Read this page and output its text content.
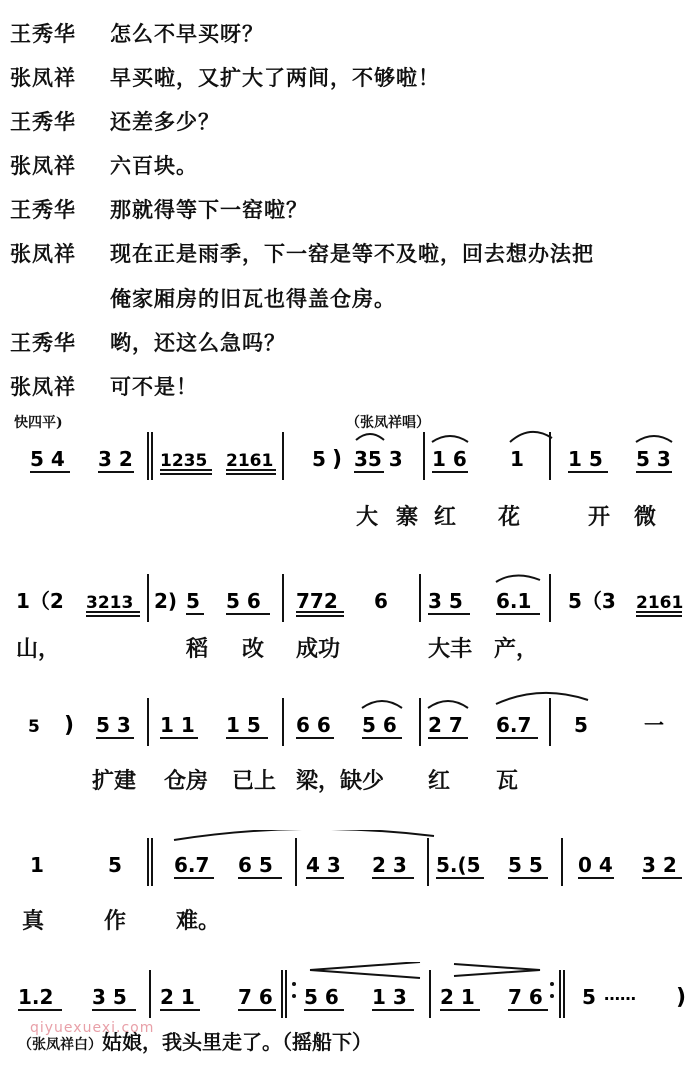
王秀华 怎么不早买呀？
张凤祥 早买啦，又扩大了两间，不够啦！
王秀华 还差多少？
张凤祥 六百块。
王秀华 那就得等下一窑啦？
张凤祥 现在正是雨季，下一窑是等不及啦，回去想办法把
俺家厢房的旧瓦也得盖仓房。
王秀华 哟，还这么急吗？
张凤祥 可不是！
快四平)	（张凤祥唱）
5 4 3 2 1235 2161 5 ) 35 3 1 6 1 1 5 5 3
大 寨 红 花	开 微
1（2 3213 2) 5 5 6 772 6 3 5 6.1 5（3 2161
山，	稻 改 成功	大丰 产，
5 ) 5 3 1 1 1 5 6 6 5 6 2 7 6.7 5	一
扩建 仓房 已上 梁，缺少 红 瓦
1	5	6.7 6 5 4 3 2 3 5.(5 5 5 0 4 3 2
真	作 难。
1.2 3 5 2 1 7 6 5 6 1 3 2 1 7 6 5 …… )
（张凤祥白）姑娘，我头里走了。（摇船下）
qiyuexuexi.com
